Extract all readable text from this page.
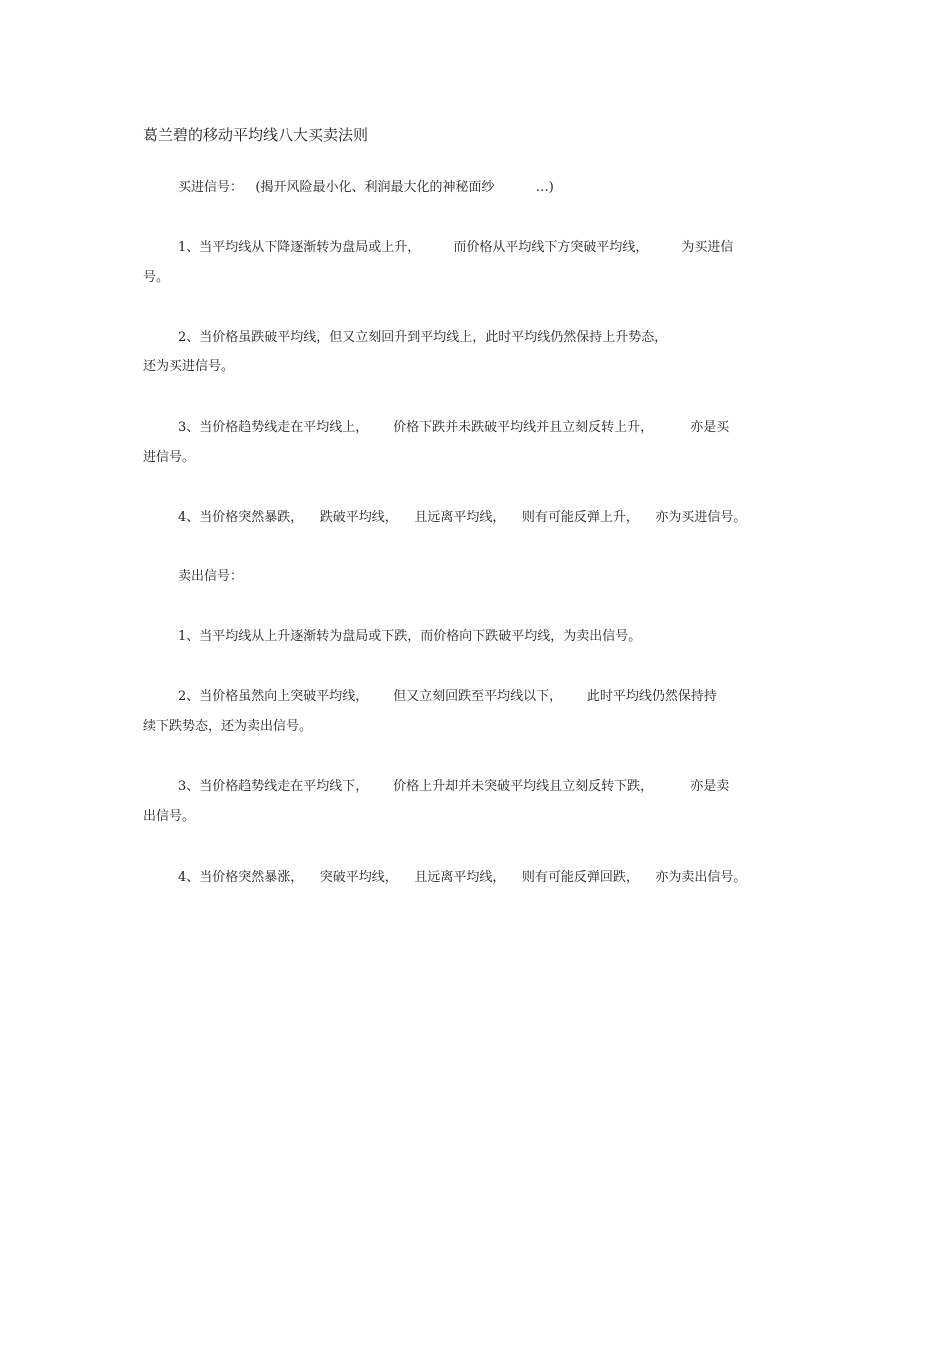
葛兰碧的移动平均线八大买卖法则
买进信号：   (揭开风险最小化、利润最大化的神秘面纱          …)
1、当平均线从下降逐渐转为盘局或上升，        而价格从平均线下方突破平均线，        为买进信
号。
2、当价格虽跌破平均线，但又立刻回升到平均线上，此时平均线仍然保持上升势态，
还为买进信号。
3、当价格趋势线走在平均线上，      价格下跌并未跌破平均线并且立刻反转上升，         亦是买
进信号。
4、当价格突然暴跌，    跌破平均线，    且远离平均线，    则有可能反弹上升，    亦为买进信号。
卖出信号：
1、当平均线从上升逐渐转为盘局或下跌，而价格向下跌破平均线，为卖出信号。
2、当价格虽然向上突破平均线，      但又立刻回跌至平均线以下，      此时平均线仍然保持持
续下跌势态，还为卖出信号。
3、当价格趋势线走在平均线下，      价格上升却并未突破平均线且立刻反转下跌，         亦是卖
出信号。
4、当价格突然暴涨，    突破平均线，    且远离平均线，    则有可能反弹回跌，    亦为卖出信号。
